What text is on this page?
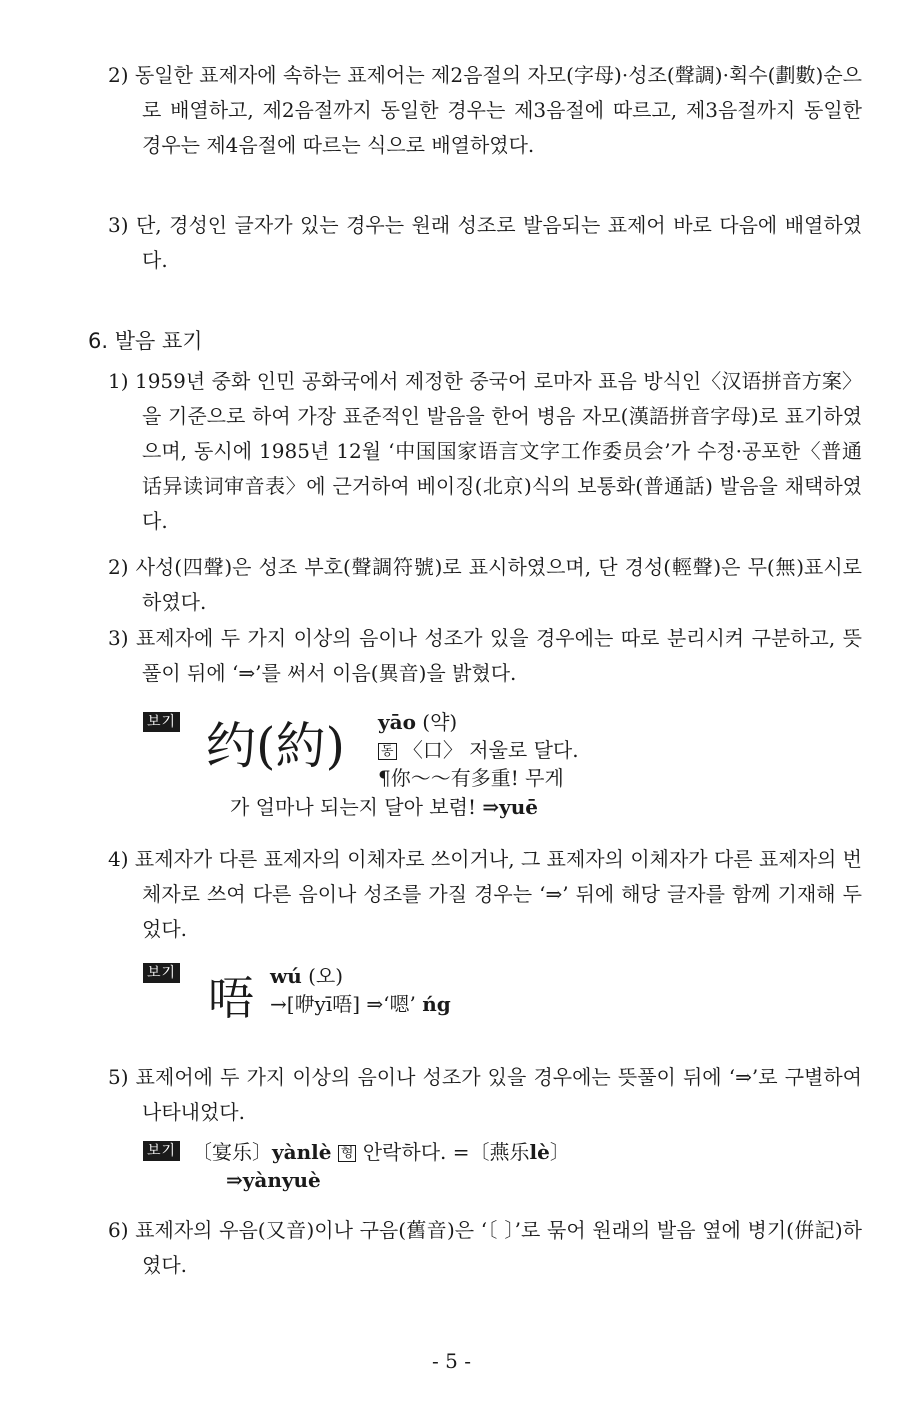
2) 동일한 표제자에 속하는 표제어는 제2음절의 자모(字母)·성조(聲調)·획수(劃數)순으로 배열하고, 제2음절까지 동일한 경우는 제3음절에 따르고, 제3음절까지 동일한 경우는 제4음절에 따르는 식으로 배열하였다.
3) 단, 경성인 글자가 있는 경우는 원래 성조로 발음되는 표제어 바로 다음에 배열하였다.
6. 발음 표기
1) 1959년 중화 인민 공화국에서 제정한 중국어 로마자 표음 방식인〈汉语拼音方案〉을 기준으로 하여 가장 표준적인 발음을 한어 병음 자모(漢語拼音字母)로 표기하였으며, 동시에 1985년 12월 ‘中国国家语言文字工作委员会’가 수정·공포한〈普通话异读词审音表〉에 근거하여 베이징(北京)식의 보통화(普通話) 발음을 채택하였다.
2) 사성(四聲)은 성조 부호(聲調符號)로 표시하였으며, 단 경성(輕聲)은 무(無)표시로 하였다.
3) 표제자에 두 가지 이상의 음이나 성조가 있을 경우에는 따로 분리시켜 구분하고, 뜻풀이 뒤에 ‘⇒’를 써서 이음(異音)을 밝혔다.
보기 约(約) yāo (약)
동 〈口〉 저울로 달다.
¶你～～有多重! 무게
가 얼마나 되는지 달아 보렴! ⇒yuē
4) 표제자가 다른 표제자의 이체자로 쓰이거나, 그 표제자의 이체자가 다른 표제자의 번체자로 쓰여 다른 음이나 성조를 가질 경우는 ‘⇒’ 뒤에 해당 글자를 함께 기재해 두었다.
보기 唔 wú (오)
→[咿yī唔] ⇒‘嗯’ ńg
5) 표제어에 두 가지 이상의 음이나 성조가 있을 경우에는 뜻풀이 뒤에 ‘⇒’로 구별하여 나타내었다.
보기 〔宴乐〕yànlè 형 안락하다. =〔燕乐lè〕
⇒yànyuè
6) 표제자의 우음(又音)이나 구음(舊音)은 ‘〔 〕’로 묶어 원래의 발음 옆에 병기(倂記)하였다.
- 5 -
